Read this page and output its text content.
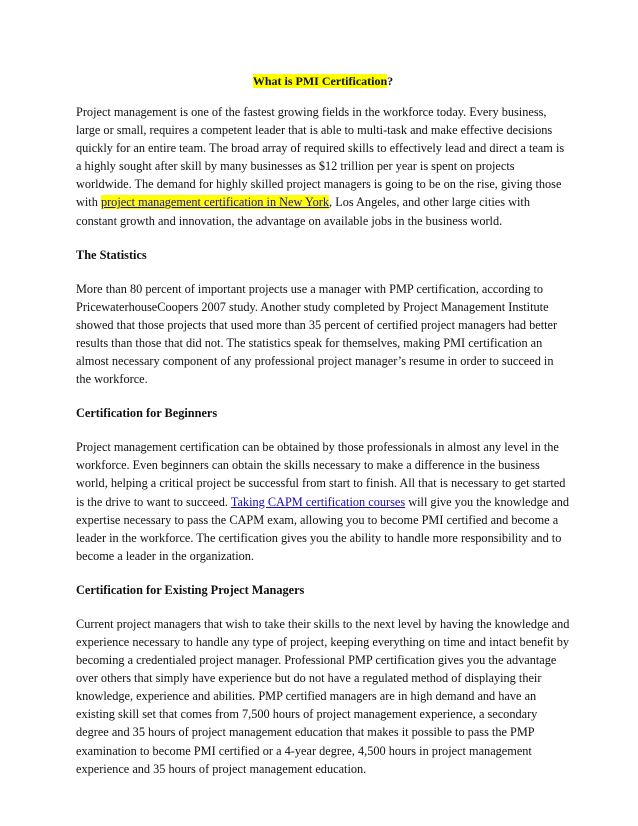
What is PMI Certification?

Project management is one of the fastest growing fields in the workforce today. Every business, large or small, requires a competent leader that is able to multi-task and make effective decisions quickly for an entire team. The broad array of required skills to effectively lead and direct a team is a highly sought after skill by many businesses as $12 trillion per year is spent on projects worldwide. The demand for highly skilled project managers is going to be on the rise, giving those with project management certification in New York, Los Angeles, and other large cities with constant growth and innovation, the advantage on available jobs in the business world.

The Statistics

More than 80 percent of important projects use a manager with PMP certification, according to PricewaterhouseCoopers 2007 study. Another study completed by Project Management Institute showed that those projects that used more than 35 percent of certified project managers had better results than those that did not. The statistics speak for themselves, making PMI certification an almost necessary component of any professional project manager’s resume in order to succeed in the workforce.

Certification for Beginners

Project management certification can be obtained by those professionals in almost any level in the workforce. Even beginners can obtain the skills necessary to make a difference in the business world, helping a critical project be successful from start to finish. All that is necessary to get started is the drive to want to succeed. Taking CAPM certification courses will give you the knowledge and expertise necessary to pass the CAPM exam, allowing you to become PMI certified and become a leader in the workforce. The certification gives you the ability to handle more responsibility and to become a leader in the organization.

Certification for Existing Project Managers

Current project managers that wish to take their skills to the next level by having the knowledge and experience necessary to handle any type of project, keeping everything on time and intact benefit by becoming a credentialed project manager. Professional PMP certification gives you the advantage over others that simply have experience but do not have a regulated method of displaying their knowledge, experience and abilities. PMP certified managers are in high demand and have an existing skill set that comes from 7,500 hours of project management experience, a secondary degree and 35 hours of project management education that makes it possible to pass the PMP examination to become PMI certified or a 4-year degree, 4,500 hours in project management experience and 35 hours of project management education.
